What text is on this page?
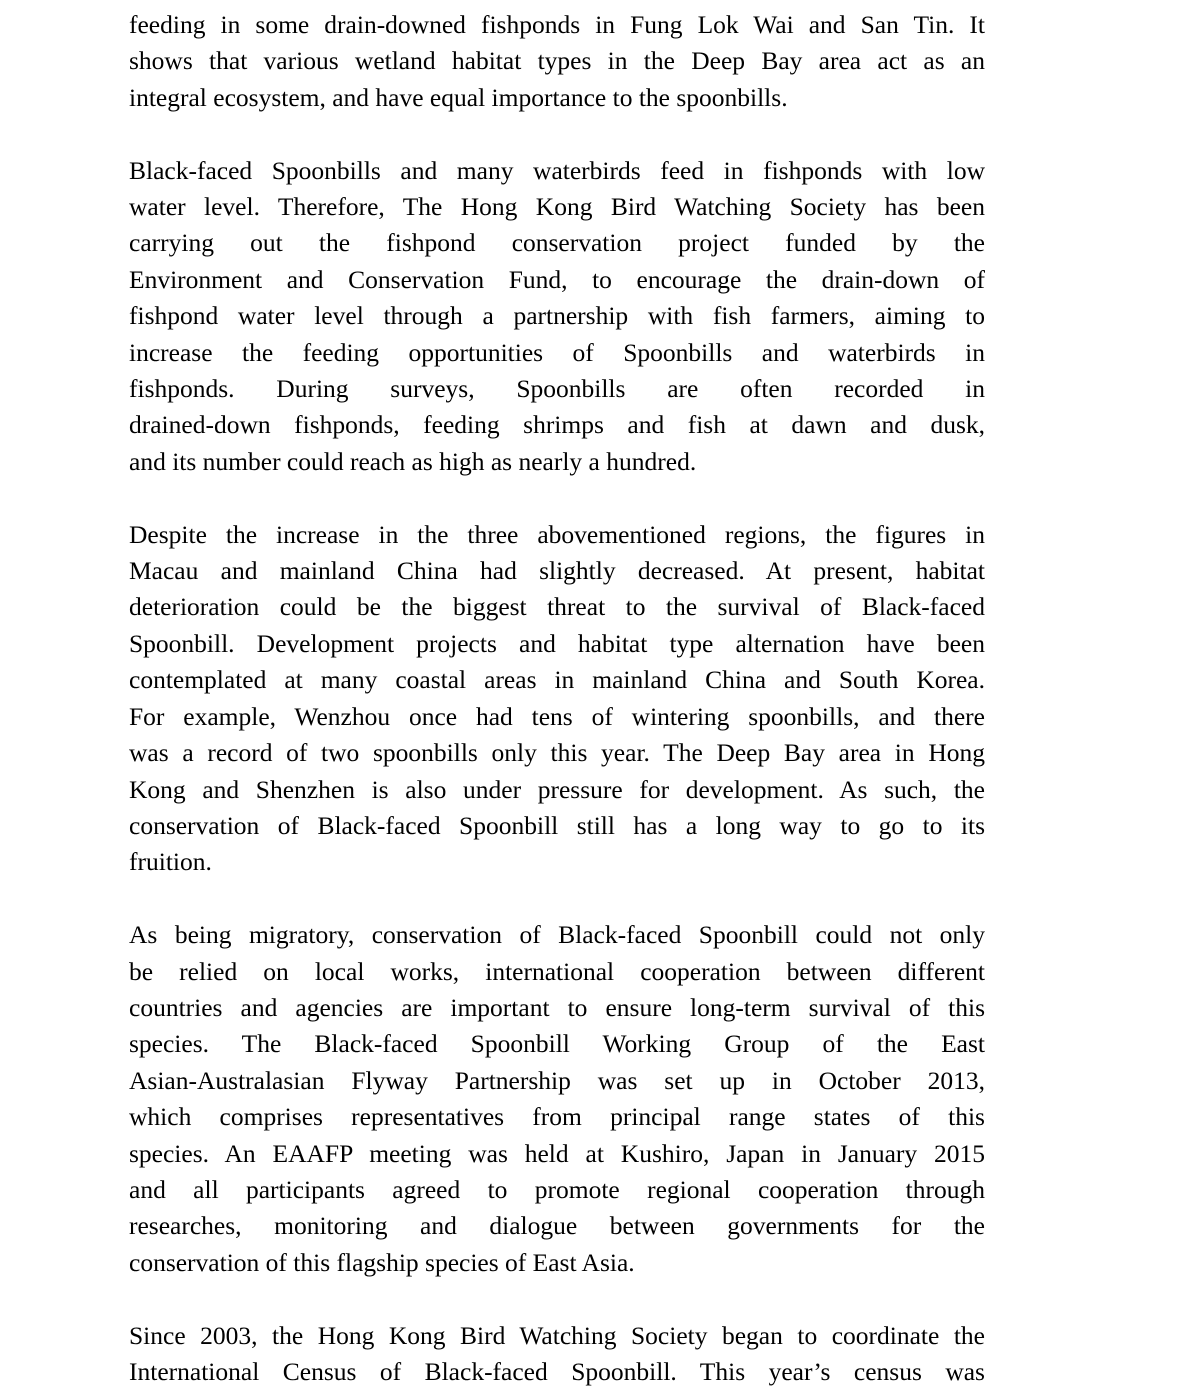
feeding in some drain-downed fishponds in Fung Lok Wai and San Tin. It
shows that various wetland habitat types in the Deep Bay area act as an
integral ecosystem, and have equal importance to the spoonbills.
Black-faced Spoonbills and many waterbirds feed in fishponds with low
water level. Therefore, The Hong Kong Bird Watching Society has been
carrying out the fishpond conservation project funded by the
Environment and Conservation Fund, to encourage the drain-down of
fishpond water level through a partnership with fish farmers, aiming to
increase the feeding opportunities of Spoonbills and waterbirds in
fishponds. During surveys, Spoonbills are often recorded in
drained-down fishponds, feeding shrimps and fish at dawn and dusk,
and its number could reach as high as nearly a hundred.
Despite the increase in the three abovementioned regions, the figures in
Macau and mainland China had slightly decreased. At present, habitat
deterioration could be the biggest threat to the survival of Black-faced
Spoonbill. Development projects and habitat type alternation have been
contemplated at many coastal areas in mainland China and South Korea.
For example, Wenzhou once had tens of wintering spoonbills, and there
was a record of two spoonbills only this year. The Deep Bay area in Hong
Kong and Shenzhen is also under pressure for development. As such, the
conservation of Black-faced Spoonbill still has a long way to go to its
fruition.
As being migratory, conservation of Black-faced Spoonbill could not only
be relied on local works, international cooperation between different
countries and agencies are important to ensure long-term survival of this
species. The Black-faced Spoonbill Working Group of the East
Asian-Australasian Flyway Partnership was set up in October 2013,
which comprises representatives from principal range states of this
species. An EAAFP meeting was held at Kushiro, Japan in January 2015
and all participants agreed to promote regional cooperation through
researches, monitoring and dialogue between governments for the
conservation of this flagship species of East Asia.
Since 2003, the Hong Kong Bird Watching Society began to coordinate the
International Census of Black-faced Spoonbill. This year’s census was
